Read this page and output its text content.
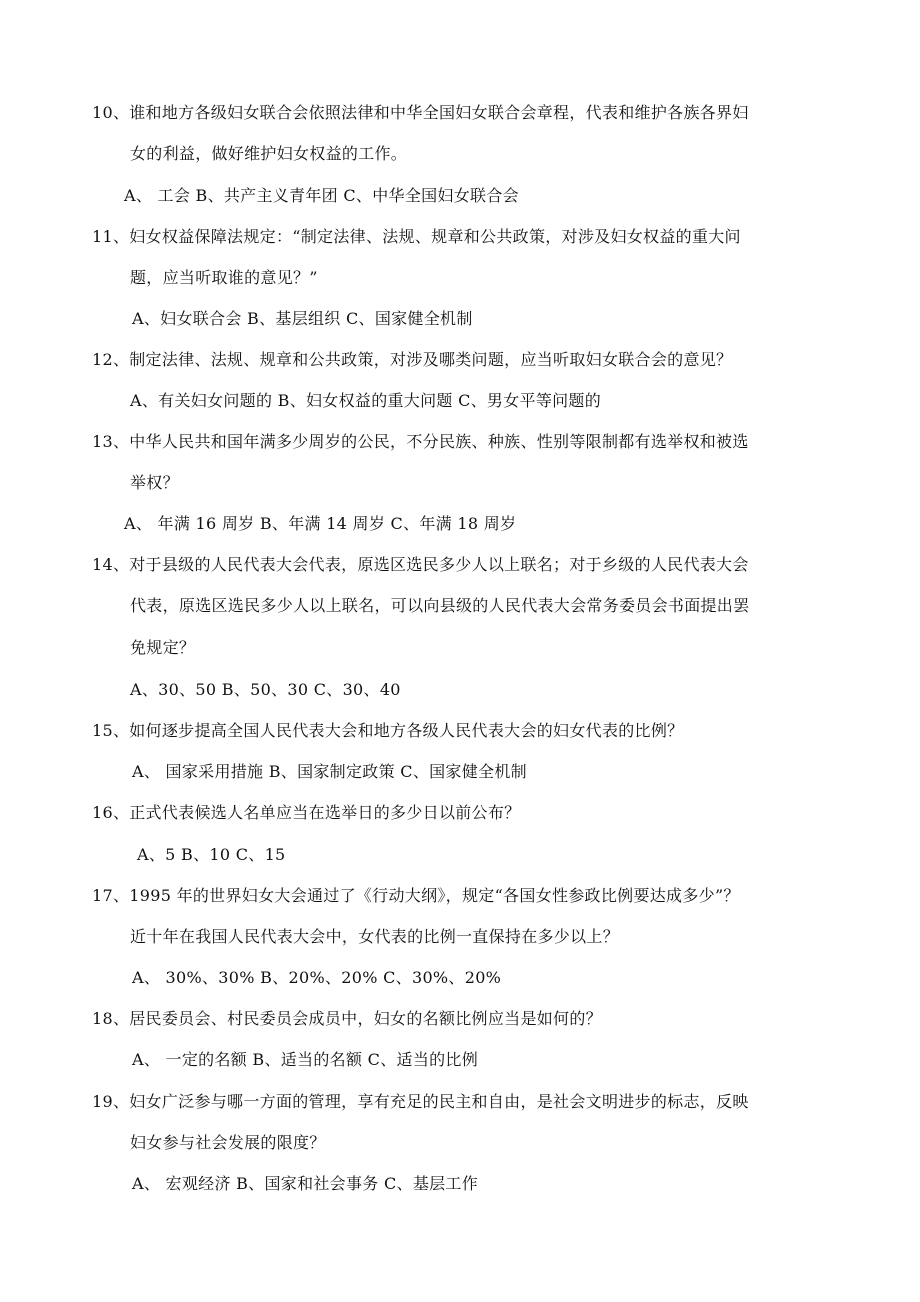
10、谁和地方各级妇女联合会依照法律和中华全国妇女联合会章程，代表和维护各族各界妇
女的利益，做好维护妇女权益的工作。
A、 工会 B、共产主义青年团 C、中华全国妇女联合会
11、妇女权益保障法规定：“制定法律、法规、规章和公共政策，对涉及妇女权益的重大问
题，应当听取谁的意见？”
A、妇女联合会 B、基层组织 C、国家健全机制
12、制定法律、法规、规章和公共政策，对涉及哪类问题，应当听取妇女联合会的意见？
A、有关妇女问题的 B、妇女权益的重大问题 C、男女平等问题的
13、中华人民共和国年满多少周岁的公民，不分民族、种族、性别等限制都有选举权和被选
举权？
A、 年满 16 周岁 B、年满 14 周岁 C、年满 18 周岁
14、对于县级的人民代表大会代表，原选区选民多少人以上联名；对于乡级的人民代表大会
代表，原选区选民多少人以上联名，可以向县级的人民代表大会常务委员会书面提出罢
免规定？
A、30、50 B、50、30 C、30、40
15、如何逐步提高全国人民代表大会和地方各级人民代表大会的妇女代表的比例？
A、 国家采用措施 B、国家制定政策 C、国家健全机制
16、正式代表候选人名单应当在选举日的多少日以前公布？
A、5 B、10 C、15
17、1995 年的世界妇女大会通过了《行动大纲》，规定“各国女性参政比例要达成多少”？
近十年在我国人民代表大会中，女代表的比例一直保持在多少以上？
A、 30%、30% B、20%、20% C、30%、20%
18、居民委员会、村民委员会成员中，妇女的名额比例应当是如何的？
A、 一定的名额 B、适当的名额 C、适当的比例
19、妇女广泛参与哪一方面的管理，享有充足的民主和自由，是社会文明进步的标志，反映
妇女参与社会发展的限度？
A、 宏观经济 B、国家和社会事务 C、基层工作
